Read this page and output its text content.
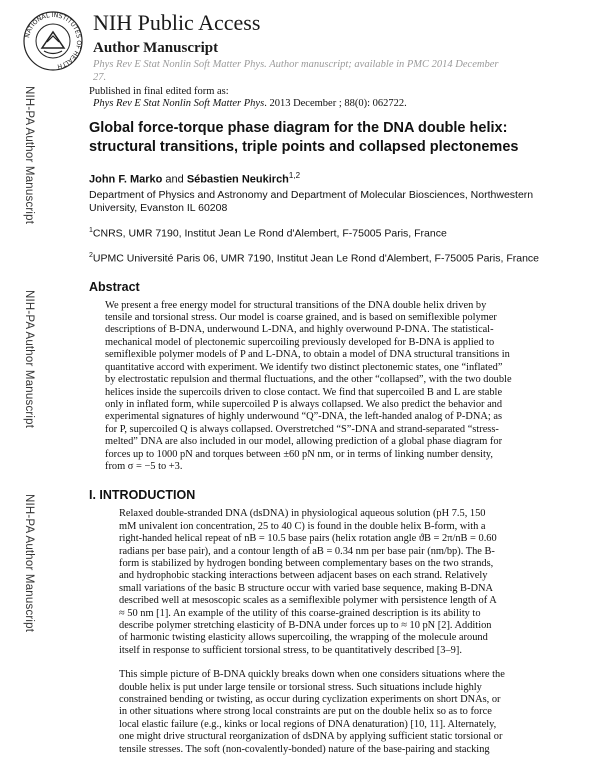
NATIONAL INSTITUTES OF HEALTH
NIH Public Access
Author Manuscript
Phys Rev E Stat Nonlin Soft Matter Phys. Author manuscript; available in PMC 2014 December
27.
NIH-PA Author Manuscript
NIH-PA Author Manuscript
NIH-PA Author Manuscript
Published in final edited form as:
Phys Rev E Stat Nonlin Soft Matter Phys. 2013 December ; 88(0): 062722.
Global force-torque phase diagram for the DNA double helix:
structural transitions, triple points and collapsed plectonemes
John F. Marko and Sébastien Neukirch$^{1,2}$
Department of Physics and Astronomy and Department of Molecular Biosciences, Northwestern
University, Evanston IL 60208
$^1$CNRS, UMR 7190, Institut Jean Le Rond d'Alembert, F-75005 Paris, France
$^2$UPMC Université Paris 06, UMR 7190, Institut Jean Le Rond d'Alembert, F-75005 Paris, France
Abstract
We present a free energy model for structural transitions of the DNA double helix driven by
tensile and torsional stress. Our model is coarse grained, and is based on semiflexible polymer
descriptions of B-DNA, underwound L-DNA, and highly overwound P-DNA. The statistical-
mechanical model of plectonemic supercoiling previously developed for B-DNA is applied to
semiflexible polymer models of P and L-DNA, to obtain a model of DNA structural transitions in
quantitative accord with experiment. We identify two distinct plectonemic states, one “inflated”
by electrostatic repulsion and thermal fluctuations, and the other “collapsed”, with the two double
helices inside the supercoils driven to close contact. We find that supercoiled B and L are stable
only in inflated form, while supercoiled P is always collapsed. We also predict the behavior and
experimental signatures of highly underwound “Q”-DNA, the left-handed analog of P-DNA; as
for P, supercoiled Q is always collapsed. Overstretched “S”-DNA and strand-separated “stress-
melted” DNA are also included in our model, allowing prediction of a global phase diagram for
forces up to 1000 pN and torques between ±60 pN nm, or in terms of linking number density,
from σ = −5 to +3.
I. INTRODUCTION
Relaxed double-stranded DNA (dsDNA) in physiological aqueous solution (pH 7.5, 150
mM univalent ion concentration, 25 to 40 C) is found in the double helix B-form, with a
right-handed helical repeat of nB = 10.5 base pairs (helix rotation angle ϑB = 2π/nB = 0.60
radians per base pair), and a contour length of aB = 0.34 nm per base pair (nm/bp). The B-
form is stabilized by hydrogen bonding between complementary bases on the two strands,
and hydrophobic stacking interactions between adjacent bases on each strand. Relatively
small variations of the basic B structure occur with varied base sequence, making B-DNA
described well at mesoscopic scales as a semiflexible polymer with persistence length of A
≈ 50 nm [1]. An example of the utility of this coarse-grained description is its ability to
describe polymer stretching elasticity of B-DNA under forces up to ≈ 10 pN [2]. Addition
of harmonic twisting elasticity allows supercoiling, the wrapping of the molecule around
itself in response to sufficient torsional stress, to be quantitatively described [3–9].
This simple picture of B-DNA quickly breaks down when one considers situations where the
double helix is put under large tensile or torsional stress. Such situations include highly
constrained bending or twisting, as occur during cyclization experiments on short DNAs, or
in other situations where strong local constraints are put on the double helix so as to force
local elastic failure (e.g., kinks or local regions of DNA denaturation) [10, 11]. Alternately,
one might drive structural reorganization of dsDNA by applying sufficient static torsional or
tensile stresses. The soft (non-covalently-bonded) nature of the base-pairing and stacking
